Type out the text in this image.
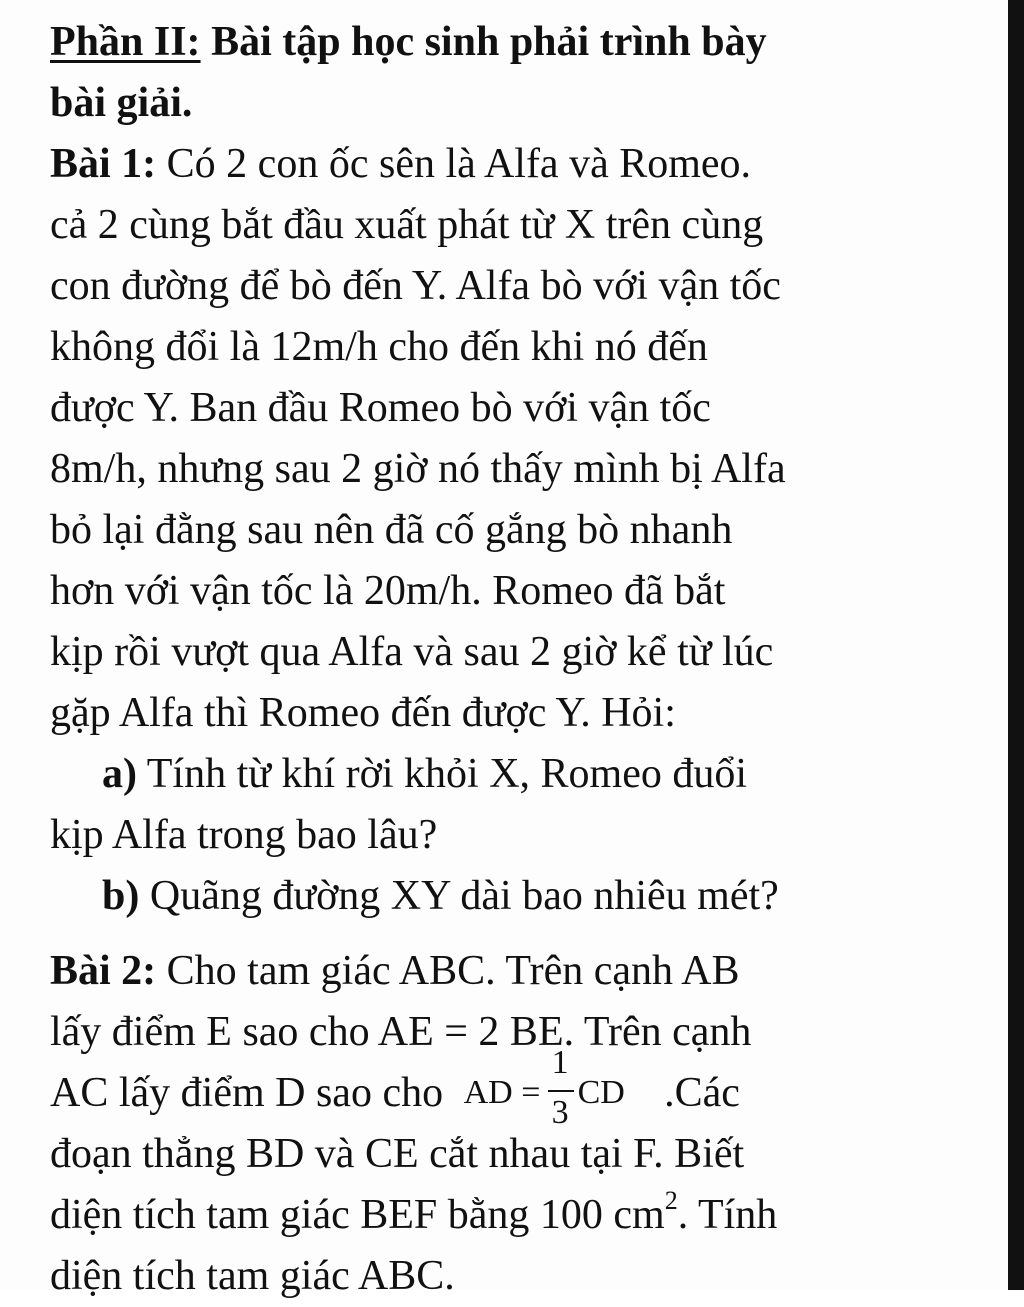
Phần II: Bài tập học sinh phải trình bày
bài giải.
Bài 1: Có 2 con ốc sên là Alfa và Romeo.
cả 2 cùng bắt đầu xuất phát từ X trên cùng
con đường để bò đến Y. Alfa bò với vận tốc
không đổi là 12m/h cho đến khi nó đến
được Y. Ban đầu Romeo bò với vận tốc
8m/h, nhưng sau 2 giờ nó thấy mình bị Alfa
bỏ lại đằng sau nên đã cố gắng bò nhanh
hơn với vận tốc là 20m/h. Romeo đã bắt
kịp rồi vượt qua Alfa và sau 2 giờ kể từ lúc
gặp Alfa thì Romeo đến được Y. Hỏi:
a) Tính từ khí rời khỏi X, Romeo đuổi
kịp Alfa trong bao lâu?
b) Quãng đường XY dài bao nhiêu mét?
Bài 2: Cho tam giác ABC. Trên cạnh AB
lấy điểm E sao cho AE = 2 BE. Trên cạnh
AC lấy điểm D sao cho AD =
1
3
CD .Các
đoạn thẳng BD và CE cắt nhau tại F. Biết
diện tích tam giác BEF bằng 100 $cm^2$. Tính
diện tích tam giác ABC.
